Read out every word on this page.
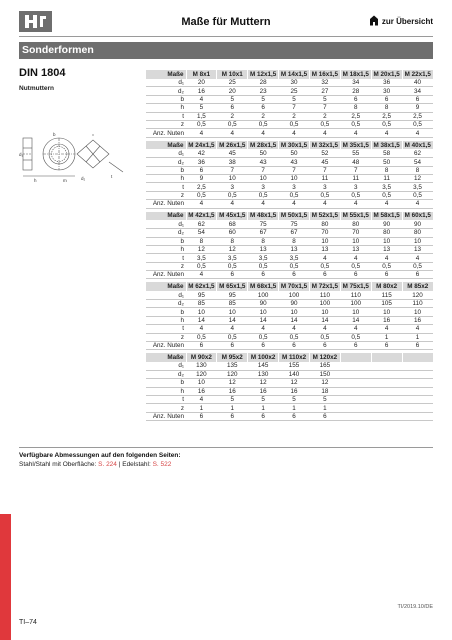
Maße für Muttern	zur Übersicht
Sonderformen
DIN 1804
Nutmuttern
d₁
b
h	m
t
d₂
Maße	M 8x1	M 10x1	M 12x1,5	M 14x1,5	M 16x1,5	M 18x1,5	M 20x1,5	M 22x1,5
d₁	20	25	28	30	32	34	36	40
d₂	16	20	23	25	27	28	30	34
b	4	5	5	5	5	6	6	6
h	5	6	6	7	7	8	8	9
t	1,5	2	2	2	2	2,5	2,5	2,5
z	0,5	0,5	0,5	0,5	0,5	0,5	0,5	0,5
Anz. Nuten	4	4	4	4	4	4	4	4
Maße	M 24x1,5	M 26x1,5	M 28x1,5	M 30x1,5	M 32x1,5	M 35x1,5	M 38x1,5	M 40x1,5
d₁	42	45	50	50	52	55	58	62
d₂	36	38	43	43	45	48	50	54
b	6	7	7	7	7	7	8	8
h	9	10	10	10	11	11	11	12
t	2,5	3	3	3	3	3	3,5	3,5
z	0,5	0,5	0,5	0,5	0,5	0,5	0,5	0,5
Anz. Nuten	4	4	4	4	4	4	4	4
Maße	M 42x1,5	M 45x1,5	M 48x1,5	M 50x1,5	M 52x1,5	M 55x1,5	M 58x1,5	M 60x1,5
d₁	62	68	75	75	80	80	90	90
d₂	54	60	67	67	70	70	80	80
b	8	8	8	8	10	10	10	10
h	12	12	13	13	13	13	13	13
t	3,5	3,5	3,5	3,5	4	4	4	4
z	0,5	0,5	0,5	0,5	0,5	0,5	0,5	0,5
Anz. Nuten	4	6	6	6	6	6	6	6
Maße	M 62x1,5	M 65x1,5	M 68x1,5	M 70x1,5	M 72x1,5	M 75x1,5	M 80x2	M 85x2
d₁	95	95	100	100	110	110	115	120
d₂	85	85	90	90	100	100	105	110
b	10	10	10	10	10	10	10	10
h	14	14	14	14	14	14	16	16
t	4	4	4	4	4	4	4	4
z	0,5	0,5	0,5	0,5	0,5	0,5	1	1
Anz. Nuten	6	6	6	6	6	6	6	6
Maße	M 90x2	M 95x2	M 100x2	M 110x2	M 120x2			
d₁	130	135	145	155	165			
d₂	120	120	130	140	150			
b	10	12	12	12	12			
h	16	16	16	16	18			
t	4	5	5	5	5			
z	1	1	1	1	1			
Anz. Nuten	6	6	6	6	6			
Verfügbare Abmessungen auf den folgenden Seiten:
Stahl/Stahl mit Oberfläche: S. 224 | Edelstahl: S. 522
TI/2019.10/DE
TI–74
